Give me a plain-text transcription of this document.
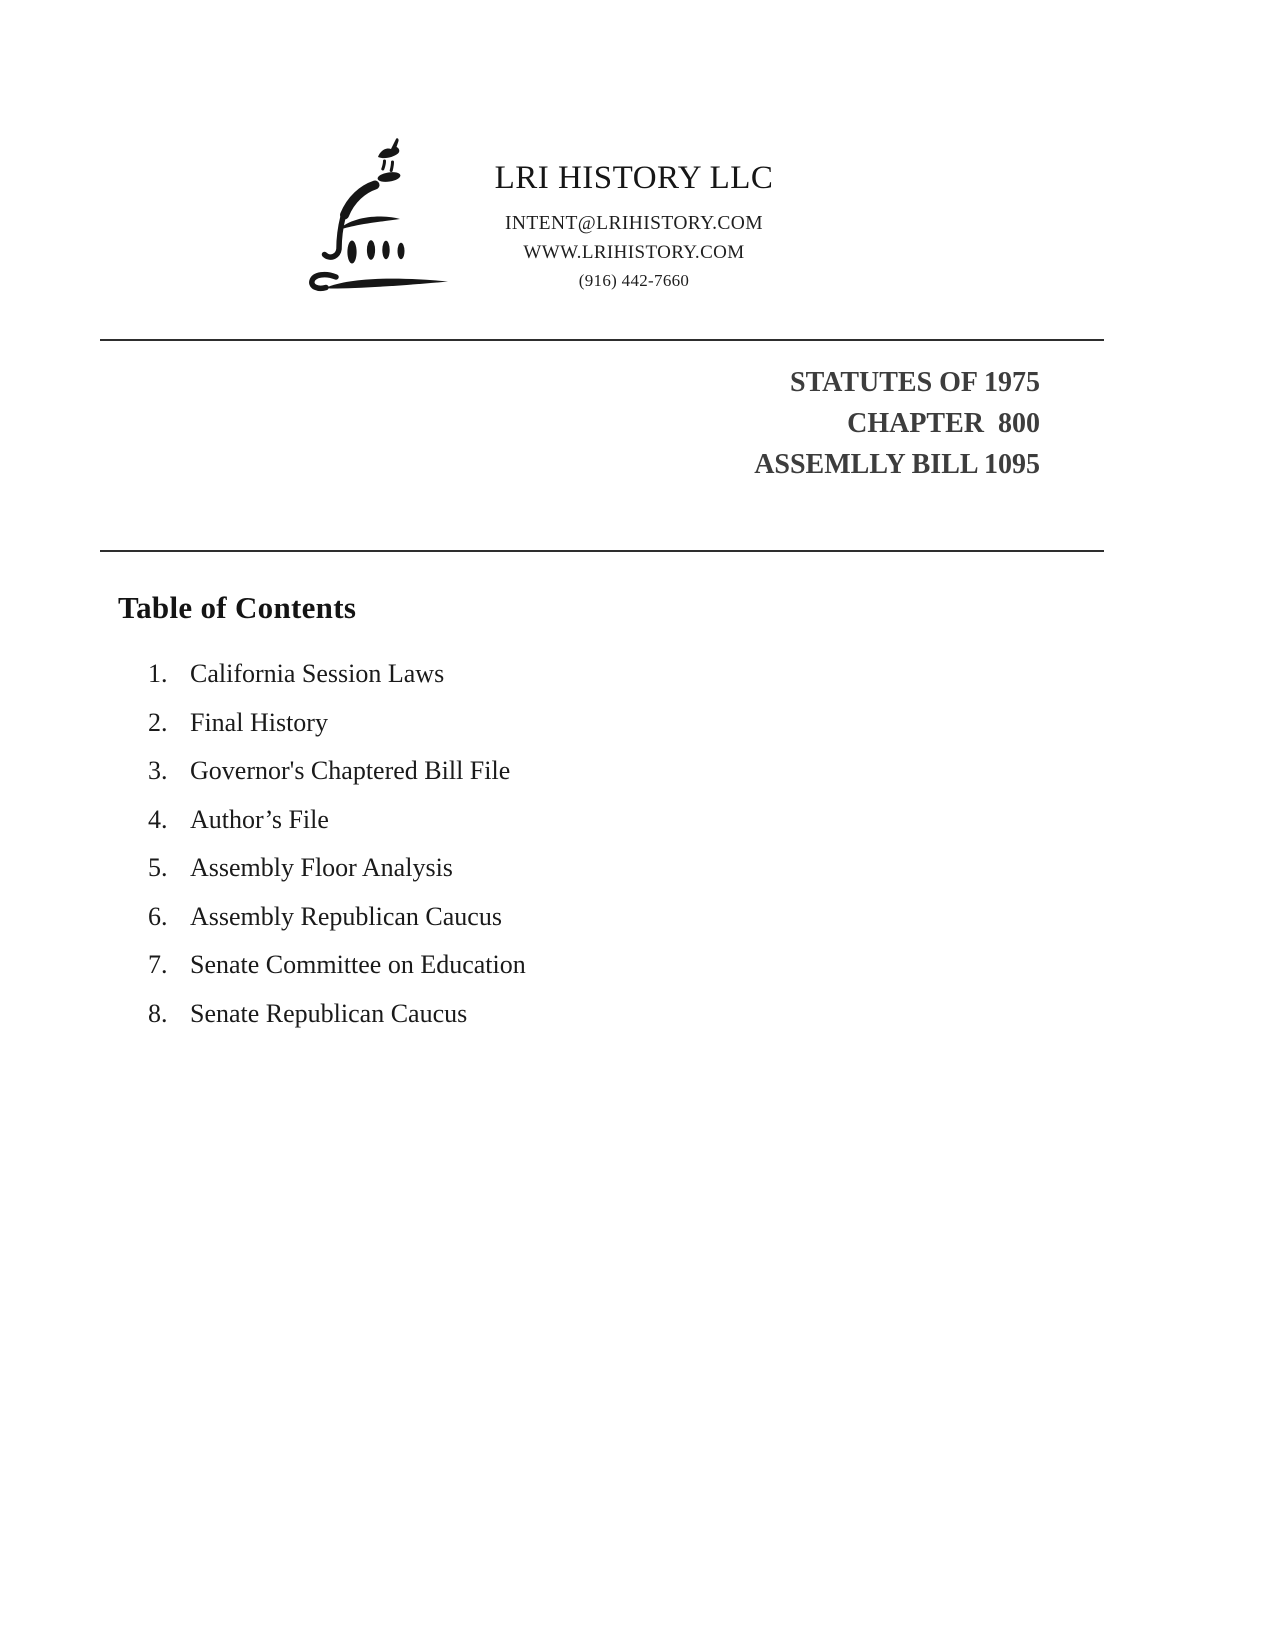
LRI HISTORY LLC
INTENT@LRIHISTORY.COM
WWW.LRIHISTORY.COM
(916) 442-7660
STATUTES OF 1975
CHAPTER  800
ASSEMLLY BILL 1095
Table of Contents
1. California Session Laws
2. Final History
3. Governor's Chaptered Bill File
4. Author’s File
5. Assembly Floor Analysis
6. Assembly Republican Caucus
7. Senate Committee on Education
8. Senate Republican Caucus
